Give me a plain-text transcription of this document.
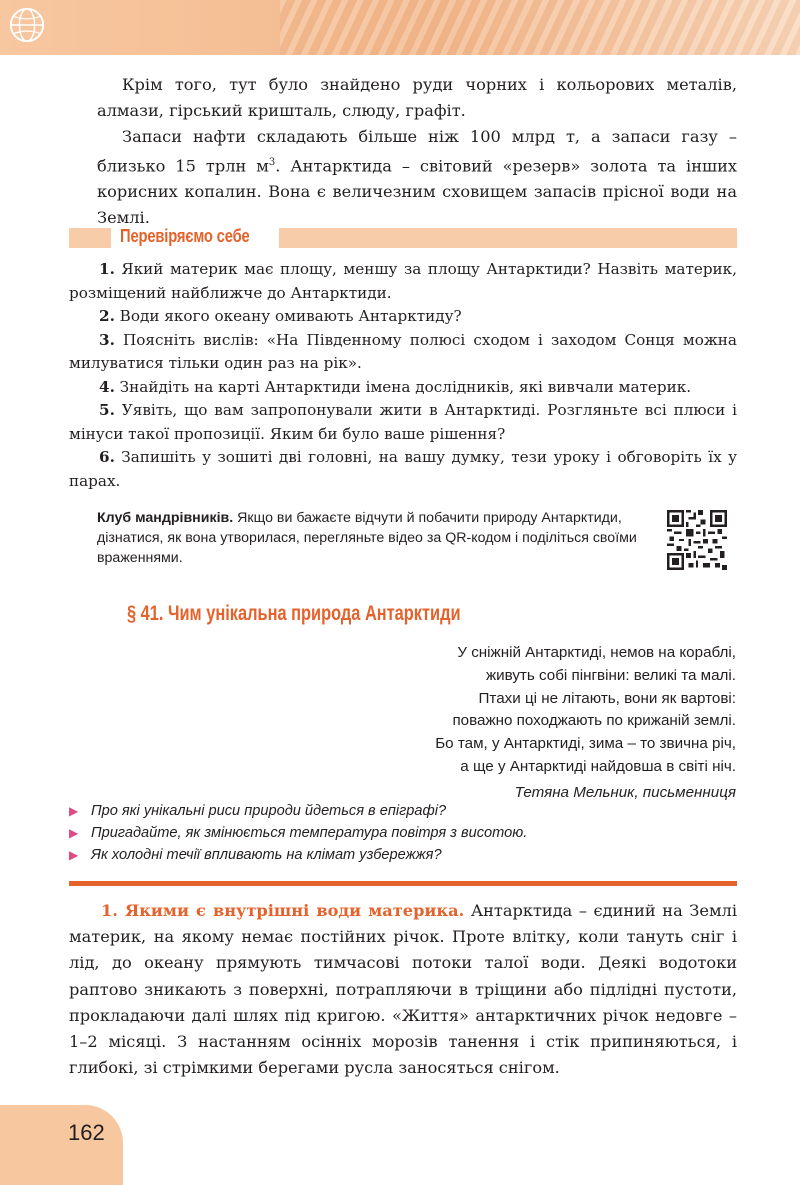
Крім того, тут було знайдено руди чорних і кольорових металів, алмази, гірський кришталь, слюду, графіт.

Запаси нафти складають більше ніж 100 млрд т, а запаси газу – близько 15 трлн $м^3$. Антарктида – світовий «резерв» золота та інших корисних копалин. Вона є величезним сховищем запасів прісної води на Землі.

Перевіряємо себе

1. Який материк має площу, меншу за площу Антарктиди? Назвіть материк, розміщений найближче до Антарктиди.

2. Води якого океану омивають Антарктиду?

3. Поясніть вислів: «На Південному полюсі сходом і заходом Сонця можна милуватися тільки один раз на рік».

4. Знайдіть на карті Антарктиди імена дослідників, які вивчали материк.

5. Уявіть, що вам запропонували жити в Антарктиді. Розгляньте всі плюси і мінуси такої пропозиції. Яким би було ваше рішення?

6. Запишіть у зошиті дві головні, на вашу думку, тези уроку і обговоріть їх у парах.

Клуб мандрівників. Якщо ви бажаєте відчути й побачити природу Антарктиди, дізнатися, як вона утворилася, перегляньте відео за QR-кодом і поділіться своїми враженнями.
§ 41. Чим унікальна природа Антарктиди
У сніжній Антарктиді, немов на кораблі,
живуть собі пінгвіни: великі та малі.
Птахи ці не літають, вони як вартові:
поважно походжають по крижаній землі.
Бо там, у Антарктиді, зима – то звична річ,
а ще у Антарктиді найдовша в світі ніч.
Тетяна Мельник, письменниця
▶ Про які унікальні риси природи йдеться в епіграфі?
▶ Пригадайте, як змінюється температура повітря з висотою.
▶ Як холодні течії впливають на клімат узбережжя?

1. Якими є внутрішні води материка. Антарктида – єдиний на Землі материк, на якому немає постійних річок. Проте влітку, коли тануть сніг і лід, до океану прямують тимчасові потоки талої води. Деякі водотоки раптово зникають з поверхні, потрапляючи в тріщини або підлідні пустоти, прокладаючи далі шлях під кригою. «Життя» антарктичних річок недовге – 1–2 місяці. З настанням осінніх морозів танення і стік припиняються, і глибокі, зі стрімкими берегами русла заносяться снігом.

162
